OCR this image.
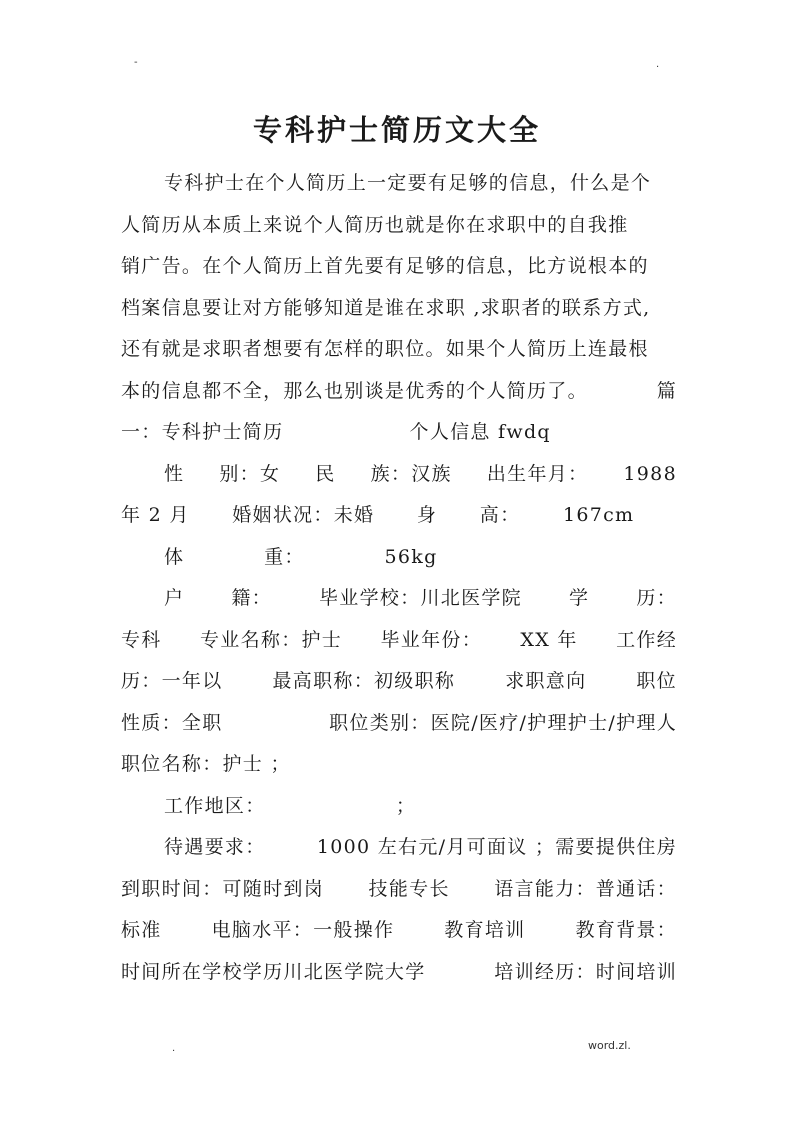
-	.
专科护士简历文大全
专科护士在个人简历上一定要有足够的信息，什么是个
人简历从本质上来说个人简历也就是你在求职中的自我推
销广告。在个人简历上首先要有足够的信息，比方说根本的
档案信息要让对方能够知道是谁在求职 ,求职者的联系方式,
还有就是求职者想要有怎样的职位。如果个人简历上连最根
本的信息都不全，那么也别谈是优秀的个人简历了。	篇
一：专科护士简历	个人信息 fwdq
性 别：女 民 族：汉族 出生年月： 1988
年 2 月 婚姻状况：未婚 身 高： 167cm
体	重：	56kg
户 籍： 毕业学校：川北医学院 学 历：
专科 专业名称：护士 毕业年份： XX 年 工作经
历：一年以	最高职称：初级职称	求职意向	职位
性质：全职	职位类别：医院/医疗/护理护士/护理人
职位名称：护士 ；
工作地区：	；
待遇要求：	1000 左右元/月可面议 ；需要提供住房
到职时间：可随时到岗 技能专长 语言能力：普通话：
标准	电脑水平：一般操作	教育培训	教育背景：
时间所在学校学历川北医学院大学	培训经历：时间培训
.	word.zl.
